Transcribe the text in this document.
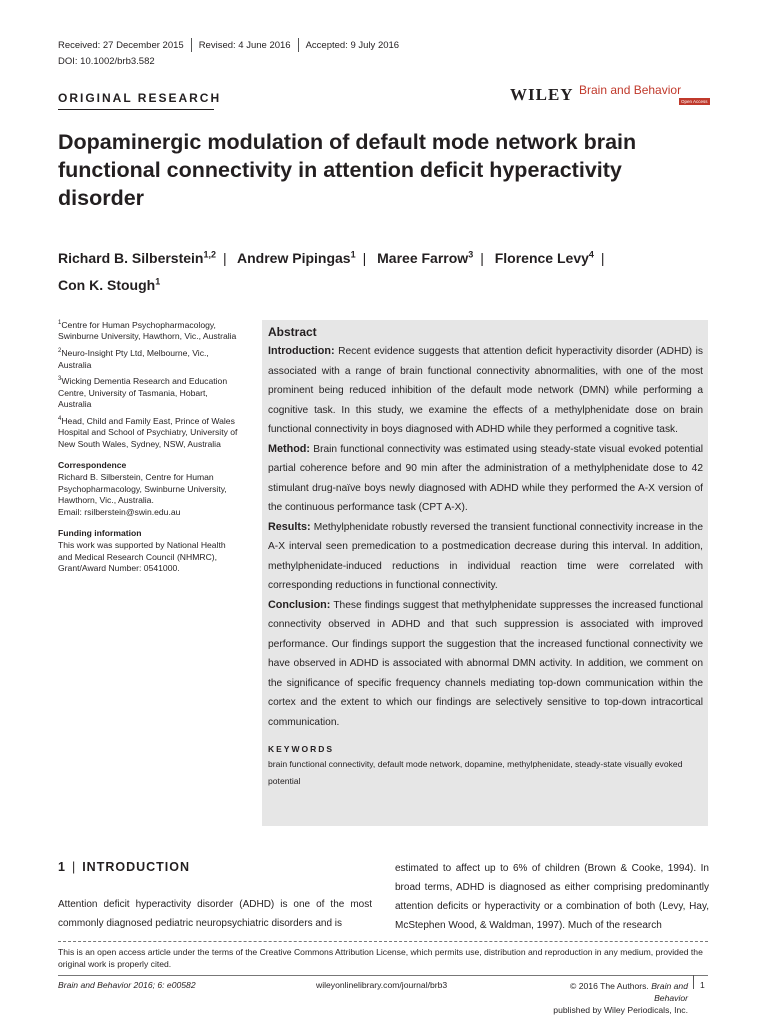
Received: 27 December 2015 Revised: 4 June 2016 Accepted: 9 July 2016
DOI: 10.1002/brb3.582
ORIGINAL RESEARCH	WILEY Brain and Behavior
Open Access
Dopaminergic modulation of default mode network brain functional connectivity in attention deficit hyperactivity disorder
Richard B. Silberstein$^{1,2}$ | Andrew Pipingas$^1$ | Maree Farrow$^3$ | Florence Levy$^4$ |
Con K. Stough$^1$
$^1$Centre for Human Psychopharmacology, Swinburne University, Hawthorn, Vic., Australia
$^2$Neuro-Insight Pty Ltd, Melbourne, Vic., Australia
$^3$Wicking Dementia Research and Education Centre, University of Tasmania, Hobart, Australia
$^4$Head, Child and Family East, Prince of Wales Hospital and School of Psychiatry, University of New South Wales, Sydney, NSW, Australia
Correspondence
Richard B. Silberstein, Centre for Human Psychopharmacology, Swinburne University, Hawthorn, Vic., Australia.
Email: rsilberstein@swin.edu.au
Funding information
This work was supported by National Health and Medical Research Council (NHMRC), Grant/Award Number: 0541000.
Abstract
Introduction: Recent evidence suggests that attention deficit hyperactivity disorder (ADHD) is associated with a range of brain functional connectivity abnormalities, with one of the most prominent being reduced inhibition of the default mode network (DMN) while performing a cognitive task. In this study, we examine the effects of a methylphenidate dose on brain functional connectivity in boys diagnosed with ADHD while they performed a cognitive task.
Method: Brain functional connectivity was estimated using steady-state visual evoked potential partial coherence before and 90 min after the administration of a methylphenidate dose to 42 stimulant drug-naïve boys newly diagnosed with ADHD while they performed the A-X version of the continuous performance task (CPT A-X).
Results: Methylphenidate robustly reversed the transient functional connectivity increase in the A-X interval seen premedication to a postmedication decrease during this interval. In addition, methylphenidate-induced reductions in individual reaction time were correlated with corresponding reductions in functional connectivity.
Conclusion: These findings suggest that methylphenidate suppresses the increased functional connectivity observed in ADHD and that such suppression is associated with improved performance. Our findings support the suggestion that the increased functional connectivity we have observed in ADHD is associated with abnormal DMN activity. In addition, we comment on the significance of specific frequency channels mediating top-down communication within the cortex and the extent to which our findings are selectively sensitive to top-down intracortical communication.
KEYWORDS
brain functional connectivity, default mode network, dopamine, methylphenidate, steady-state visually evoked potential
1 | INTRODUCTION
Attention deficit hyperactivity disorder (ADHD) is one of the most commonly diagnosed pediatric neuropsychiatric disorders and is
estimated to affect up to 6% of children (Brown & Cooke, 1994). In broad terms, ADHD is diagnosed as either comprising predominantly attention deficits or hyperactivity or a combination of both (Levy, Hay, McStephen Wood, & Waldman, 1997). Much of the research
This is an open access article under the terms of the Creative Commons Attribution License, which permits use, distribution and reproduction in any medium, provided the original work is properly cited.
Brain and Behavior 2016; 6: e00582	wileyonlinelibrary.com/journal/brb3	© 2016 The Authors. Brain and Behavior
published by Wiley Periodicals, Inc.
1
